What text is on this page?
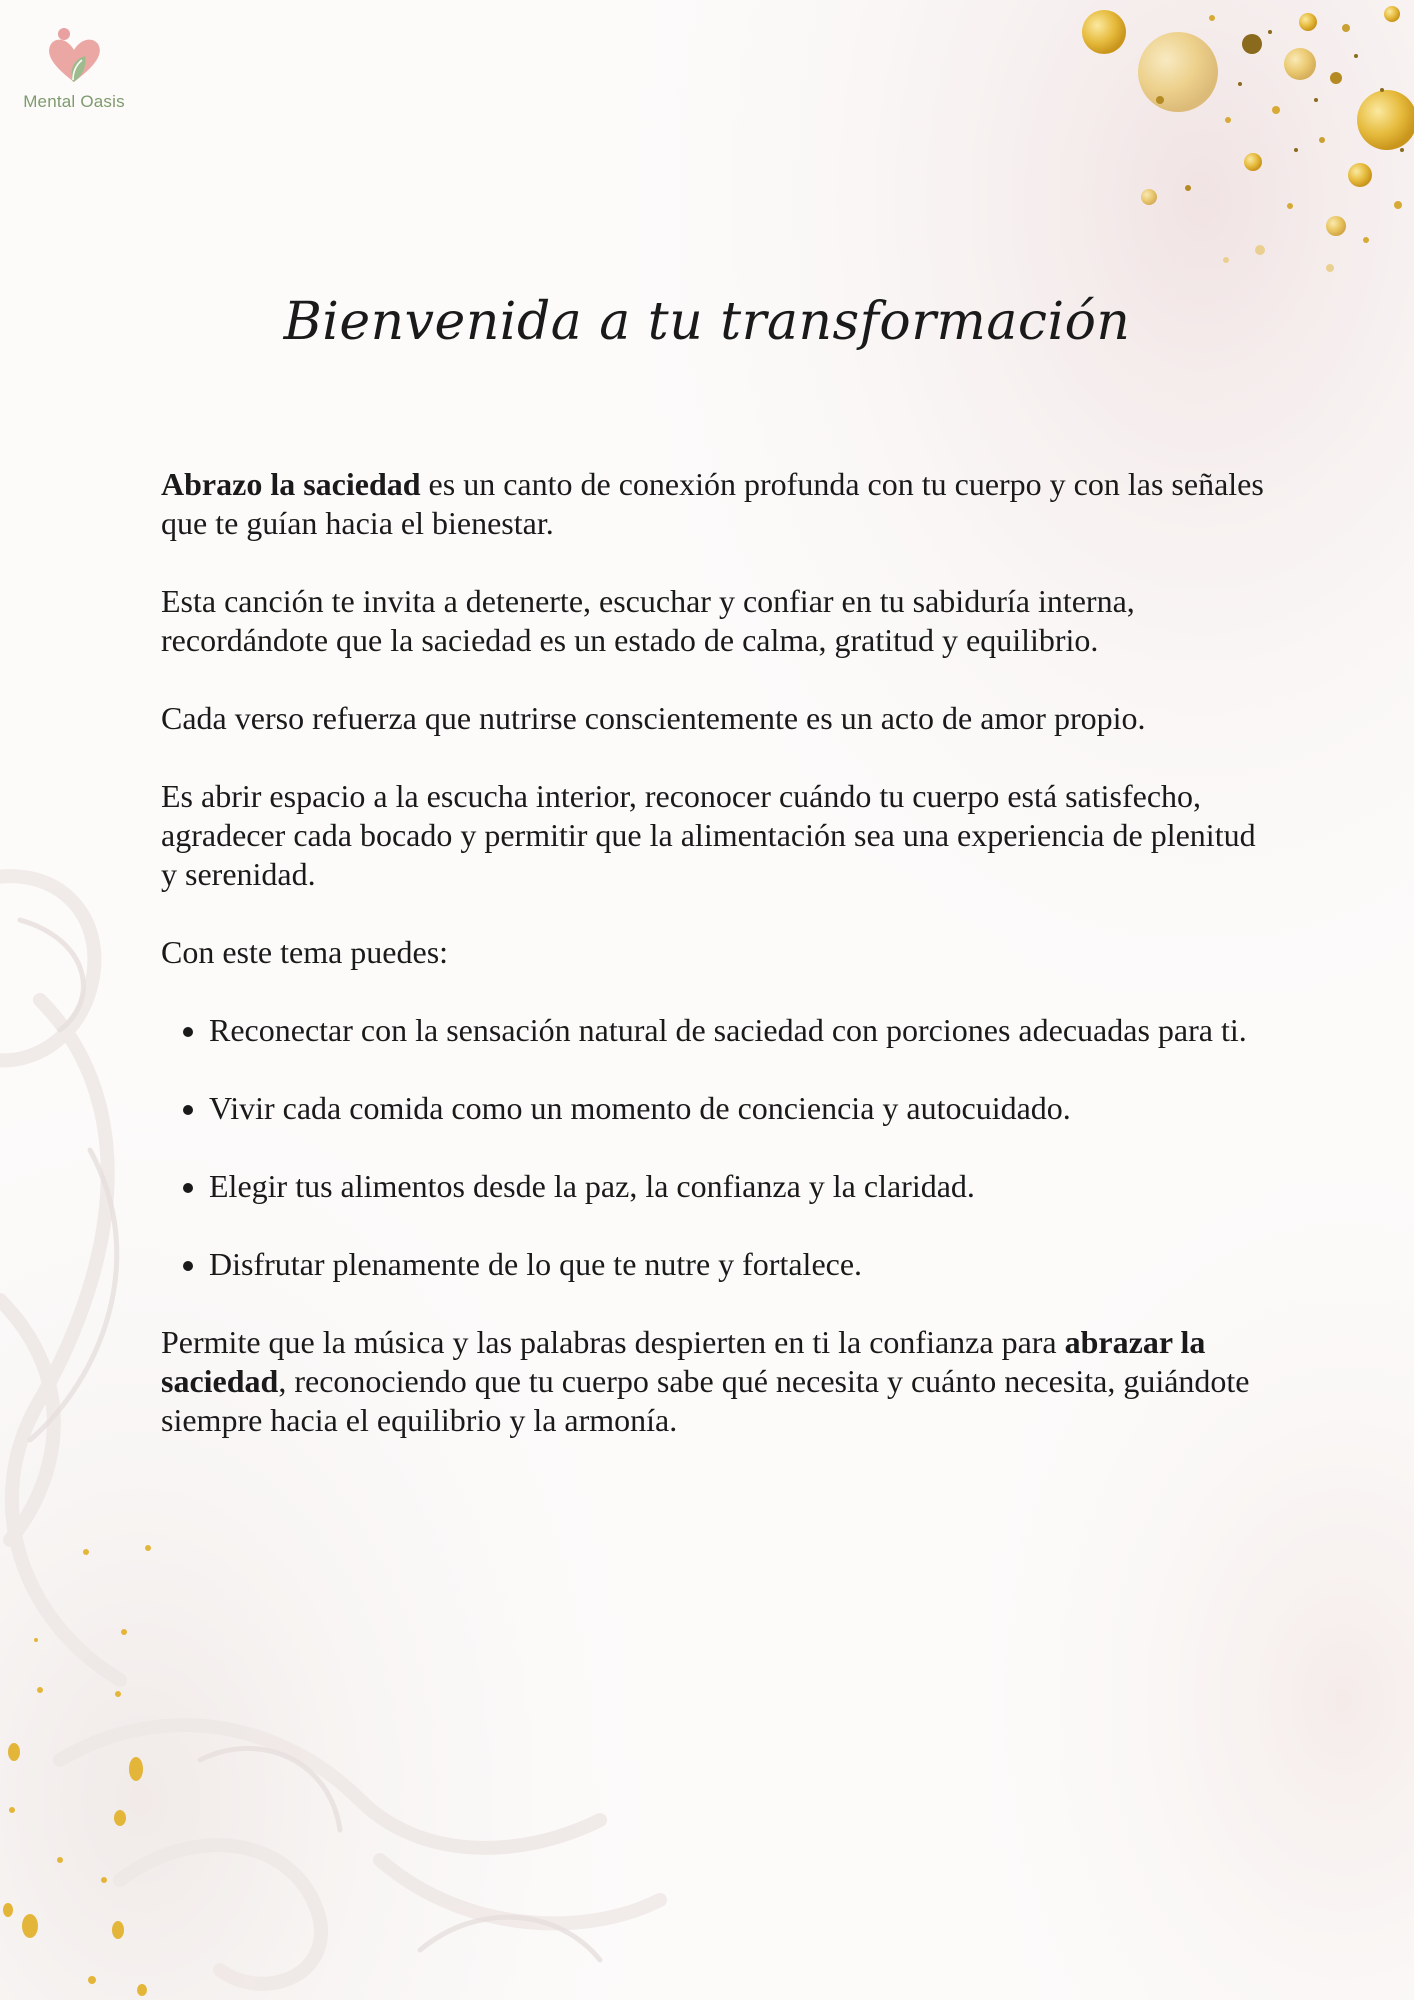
Mental Oasis
Bienvenida a tu transformación

Abrazo la saciedad es un canto de conexión profunda con tu cuerpo y con las señales que te guían hacia el bienestar.

Esta canción te invita a detenerte, escuchar y confiar en tu sabiduría interna, recordándote que la saciedad es un estado de calma, gratitud y equilibrio.

Cada verso refuerza que nutrirse conscientemente es un acto de amor propio.

Es abrir espacio a la escucha interior, reconocer cuándo tu cuerpo está satisfecho, agradecer cada bocado y permitir que la alimentación sea una experiencia de plenitud y serenidad.

Con este tema puedes:

• Reconectar con la sensación natural de saciedad con porciones adecuadas para ti.
• Vivir cada comida como un momento de conciencia y autocuidado.
• Elegir tus alimentos desde la paz, la confianza y la claridad.
• Disfrutar plenamente de lo que te nutre y fortalece.

Permite que la música y las palabras despierten en ti la confianza para abrazar la saciedad, reconociendo que tu cuerpo sabe qué necesita y cuánto necesita, guiándote siempre hacia el equilibrio y la armonía.
